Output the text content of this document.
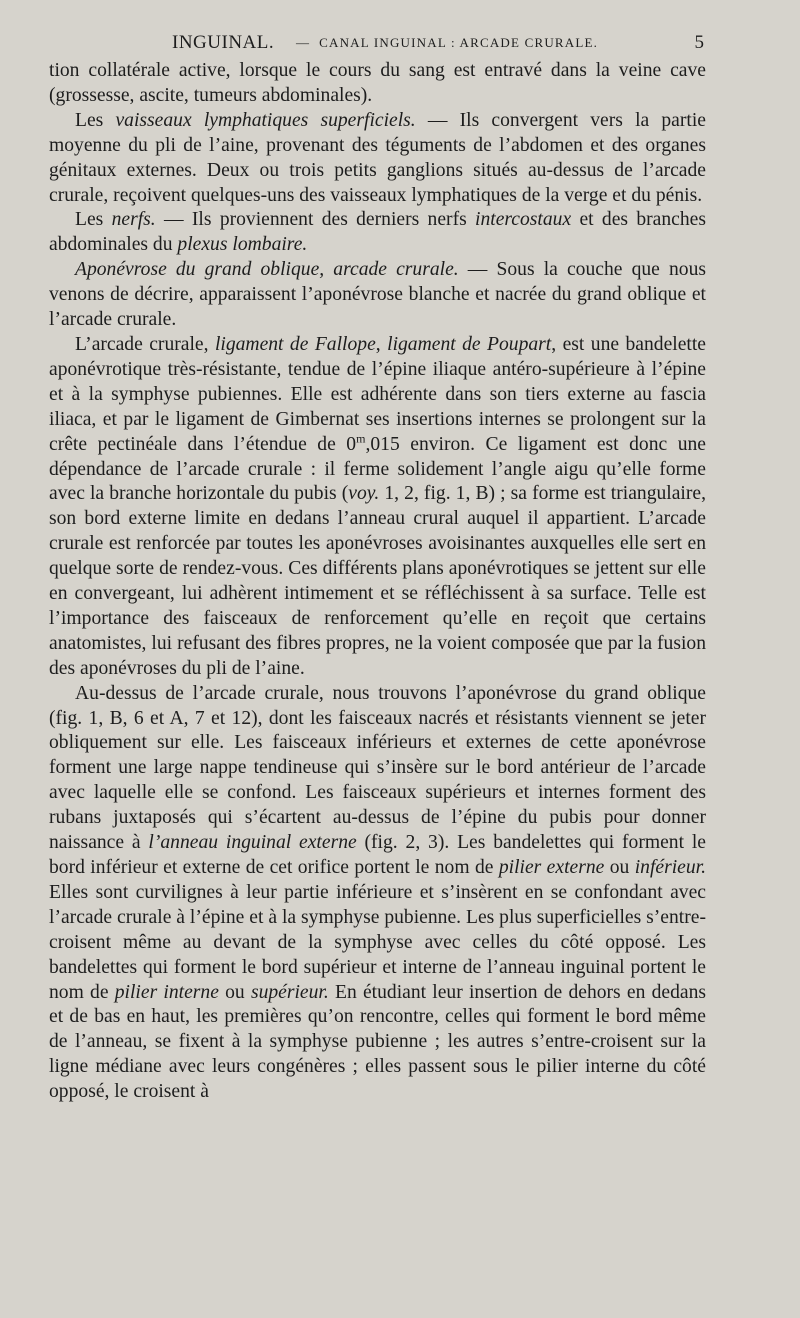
INGUINAL. — CANAL INGUINAL : ARCADE CRURALE.	5

tion collatérale active, lorsque le cours du sang est entravé dans la veine cave (grossesse, ascite, tumeurs abdominales).

Les vaisseaux lymphatiques superficiels. — Ils convergent vers la partie moyenne du pli de l’aine, provenant des téguments de l’abdomen et des organes génitaux externes. Deux ou trois petits ganglions situés au-dessus de l’arcade crurale, reçoivent quelques-uns des vaisseaux lymphatiques de la verge et du pénis.

Les nerfs. — Ils proviennent des derniers nerfs intercostaux et des branches abdominales du plexus lombaire.

Aponévrose du grand oblique, arcade crurale. — Sous la couche que nous venons de décrire, apparaissent l’aponévrose blanche et nacrée du grand oblique et l’arcade crurale.

L’arcade crurale, ligament de Fallope, ligament de Poupart, est une bandelette aponévrotique très-résistante, tendue de l’épine iliaque antéro-supérieure à l’épine et à la symphyse pubiennes. Elle est adhérente dans son tiers externe au fascia iliaca, et par le ligament de Gimbernat ses insertions internes se prolongent sur la crête pectinéale dans l’étendue de 0$^m$,015 environ. Ce ligament est donc une dépendance de l’arcade crurale : il ferme solidement l’angle aigu qu’elle forme avec la branche horizontale du pubis (voy. 1, 2, fig. 1, B) ; sa forme est triangulaire, son bord externe limite en dedans l’anneau crural auquel il appartient. L’arcade crurale est renforcée par toutes les aponévroses avoisinantes auxquelles elle sert en quelque sorte de rendez-vous. Ces différents plans aponévrotiques se jettent sur elle en convergeant, lui adhèrent intimement et se réfléchissent à sa surface. Telle est l’importance des faisceaux de renforcement qu’elle en reçoit que certains anatomistes, lui refusant des fibres propres, ne la voient composée que par la fusion des aponévroses du pli de l’aine.

Au-dessus de l’arcade crurale, nous trouvons l’aponévrose du grand oblique (fig. 1, B, 6 et A, 7 et 12), dont les faisceaux nacrés et résistants viennent se jeter obliquement sur elle. Les faisceaux inférieurs et externes de cette aponévrose forment une large nappe tendineuse qui s’insère sur le bord antérieur de l’arcade avec laquelle elle se confond. Les faisceaux supérieurs et internes forment des rubans juxtaposés qui s’écartent au-dessus de l’épine du pubis pour donner naissance à l’anneau inguinal externe (fig. 2, 3). Les bandelettes qui forment le bord inférieur et externe de cet orifice portent le nom de pilier externe ou inférieur. Elles sont curvilignes à leur partie inférieure et s’insèrent en se confondant avec l’arcade crurale à l’épine et à la symphyse pubienne. Les plus superficielles s’entre-croisent même au devant de la symphyse avec celles du côté opposé. Les bandelettes qui forment le bord supérieur et interne de l’anneau inguinal portent le nom de pilier interne ou supérieur. En étudiant leur insertion de dehors en dedans et de bas en haut, les premières qu’on rencontre, celles qui forment le bord même de l’anneau, se fixent à la symphyse pubienne ; les autres s’entre-croisent sur la ligne médiane avec leurs congénères ; elles passent sous le pilier interne du côté opposé, le croisent à
